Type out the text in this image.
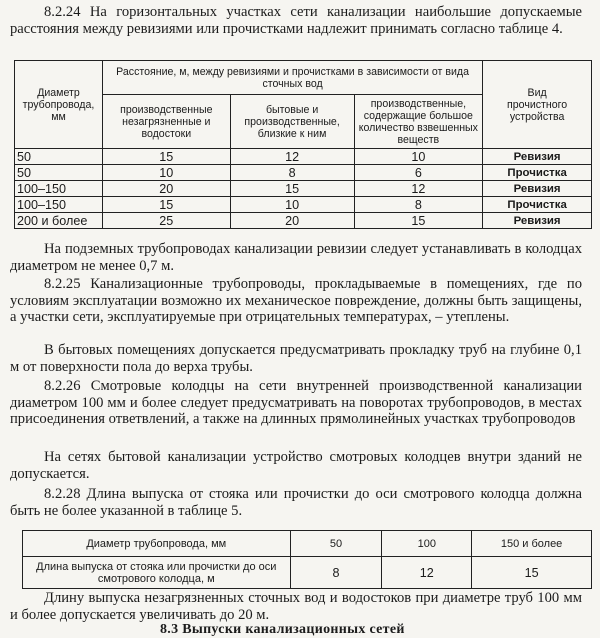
8.2.24 На горизонтальных участках сети канализации наибольшие допускаемые расстояния между ревизиями или прочистками надлежит принимать согласно таблице 4.

Диаметр трубопровода, мм	Расстояние, м, между ревизиями и прочистками в зависимости от вида сточных вод			Вид прочистного устройства
	производственные незагрязненные и водостоки	бытовые и производственные, близкие к ним	производственные, содержащие большое количество взвешенных веществ	
50	15	12	10	Ревизия
50	10	8	6	Прочистка
100–150	20	15	12	Ревизия
100–150	15	10	8	Прочистка
200 и более	25	20	15	Ревизия

На подземных трубопроводах канализации ревизии следует устанавливать в колодцах диаметром не менее 0,7 м.

8.2.25 Канализационные трубопроводы, прокладываемые в помещениях, где по условиям эксплуатации возможно их механическое повреждение, должны быть защищены, а участки сети, эксплуатируемые при отрицательных температурах, – утеплены.

В бытовых помещениях допускается предусматривать прокладку труб на глубине 0,1 м от поверхности пола до верха трубы.

8.2.26 Смотровые колодцы на сети внутренней производственной канализации диаметром 100 мм и более следует предусматривать на поворотах трубопроводов, в местах присоединения ответвлений, а также на длинных прямолинейных участках трубопроводов

На сетях бытовой канализации устройство смотровых колодцев внутри зданий не допускается.

8.2.28 Длина выпуска от стояка или прочистки до оси смотрового колодца должна быть не более указанной в таблице 5.

Диаметр трубопровода, мм	50	100	150 и более
Длина выпуска от стояка или прочистки до оси смотрового колодца, м	8	12	15

Длину выпуска незагрязненных сточных вод и водостоков при диаметре труб 100 мм и более допускается увеличивать до 20 м.

8.3 Выпуски канализационных сетей
